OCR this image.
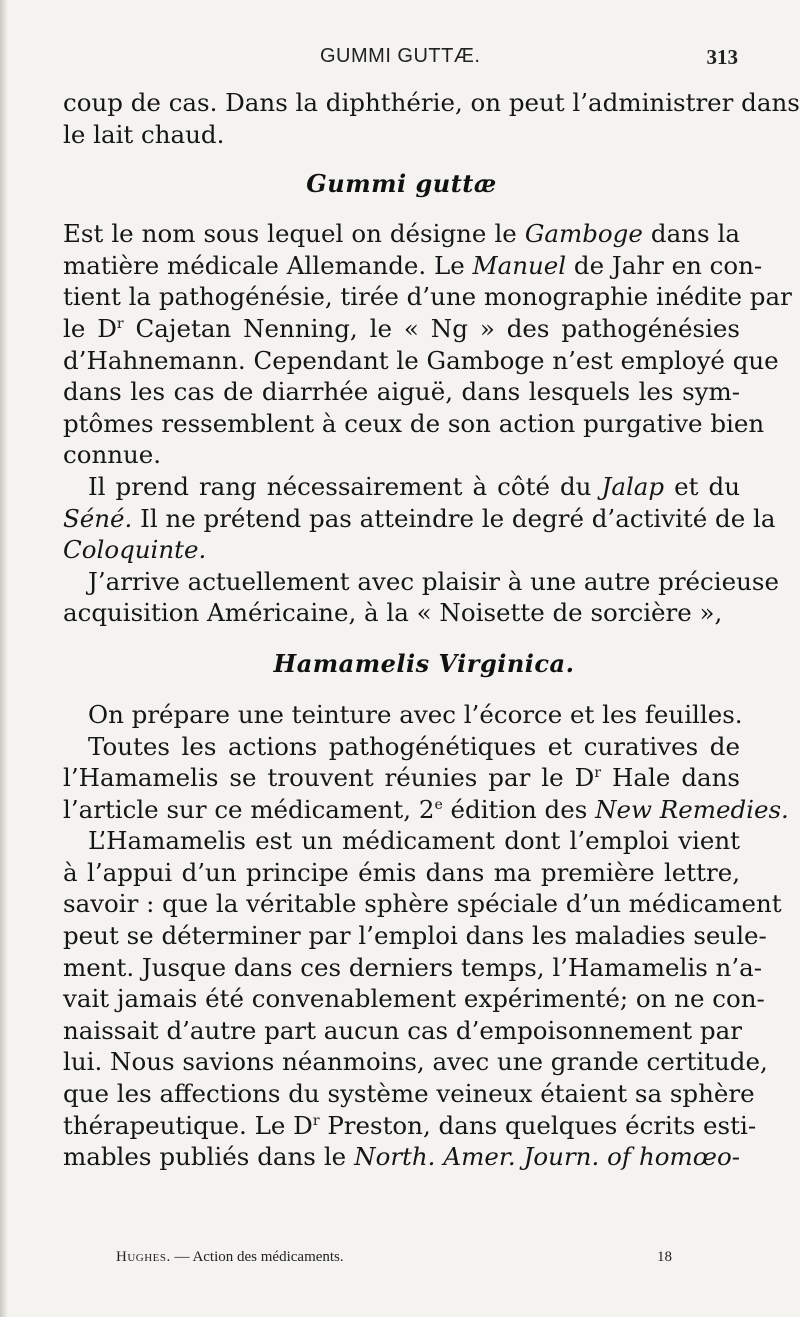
GUMMI GUTTÆ.	313
coup de cas. Dans la diphthérie, on peut l’administrer dans
le lait chaud.
Gummi guttæ
Est le nom sous lequel on désigne le Gamboge dans la
matière médicale Allemande. Le Manuel de Jahr en con-
tient la pathogénésie, tirée d’une monographie inédite par
le $D^r$ Cajetan Nenning, le « Ng » des pathogénésies
d’Hahnemann. Cependant le Gamboge n’est employé que
dans les cas de diarrhée aiguë, dans lesquels les sym-
ptômes ressemblent à ceux de son action purgative bien
connue.
Il prend rang nécessairement à côté du Jalap et du
Séné. Il ne prétend pas atteindre le degré d’activité de la
Coloquinte.
J’arrive actuellement avec plaisir à une autre précieuse
acquisition Américaine, à la « Noisette de sorcière »,
Hamamelis Virginica.
On prépare une teinture avec l’écorce et les feuilles.
Toutes les actions pathogénétiques et curatives de
l’Hamamelis se trouvent réunies par le $D^r$ Hale dans
l’article sur ce médicament, 2e édition des New Remedies.
L’Hamamelis est un médicament dont l’emploi vient
à l’appui d’un principe émis dans ma première lettre,
savoir : que la véritable sphère spéciale d’un médicament
peut se déterminer par l’emploi dans les maladies seule-
ment. Jusque dans ces derniers temps, l’Hamamelis n’a-
vait jamais été convenablement expérimenté; on ne con-
naissait d’autre part aucun cas d’empoisonnement par
lui. Nous savions néanmoins, avec une grande certitude,
que les affections du système veineux étaient sa sphère
thérapeutique. Le $D^r$ Preston, dans quelques écrits esti-
mables publiés dans le North. Amer. Journ. of homœo-
Hughes. — Action des médicaments.	18
